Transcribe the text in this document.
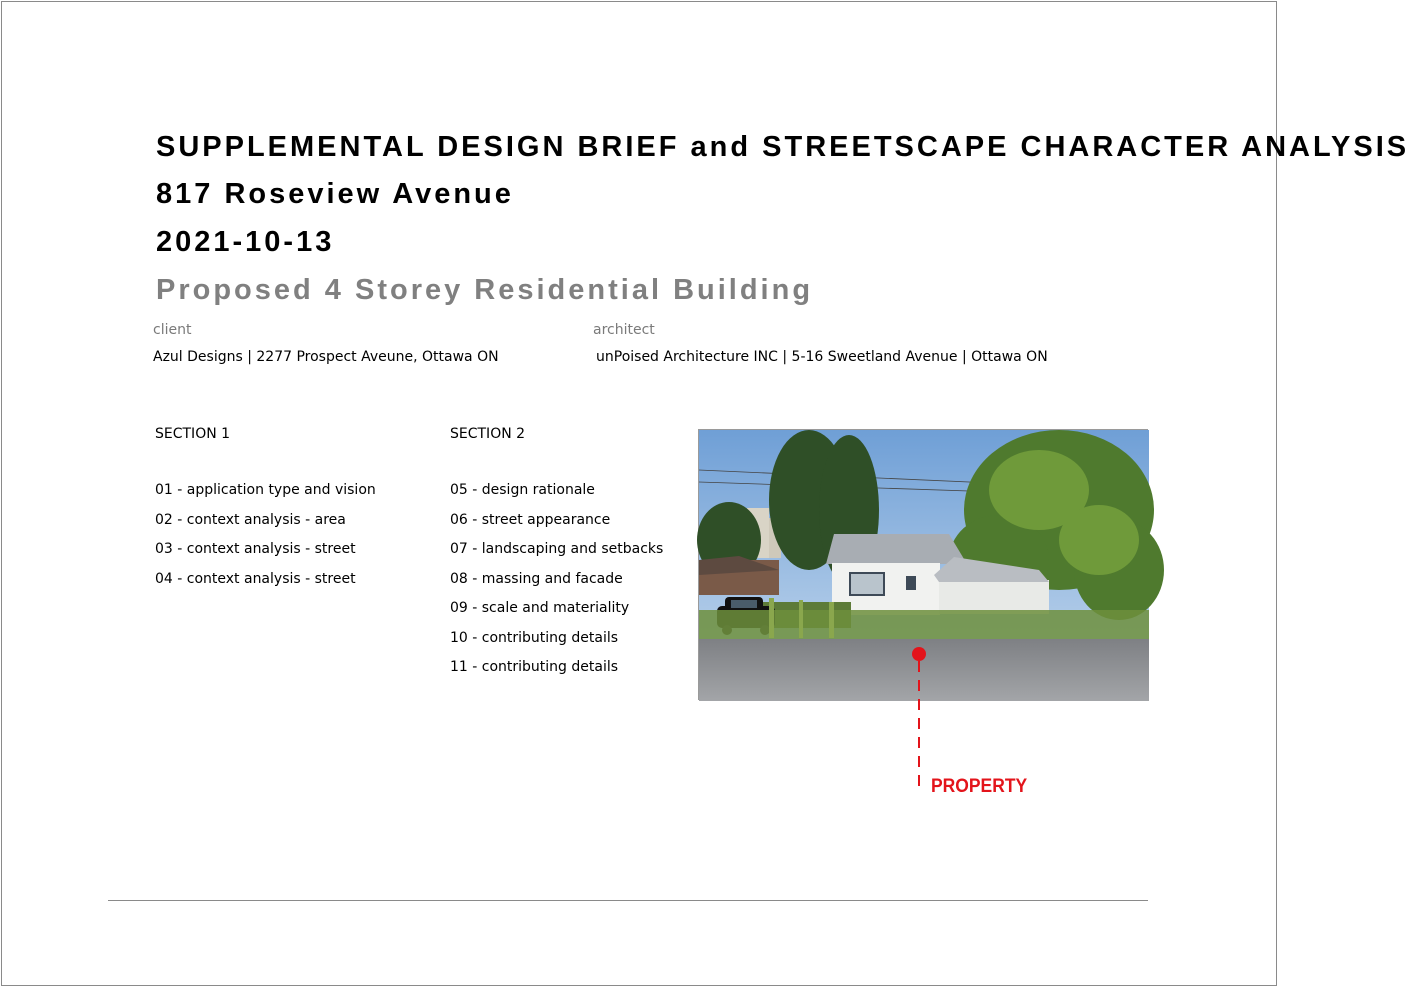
SUPPLEMENTAL DESIGN BRIEF and STREETSCAPE CHARACTER ANALYSIS
817 Roseview Avenue
2021-10-13
Proposed 4 Storey Residential Building
client
Azul Designs | 2277 Prospect Aveune, Ottawa ON
architect
unPoised Architecture INC | 5-16 Sweetland Avenue | Ottawa ON
SECTION 1
01 - application type and vision
02 - context analysis - area
03 - context analysis - street
04 - context analysis - street
SECTION 2
05 - design rationale
06 - street appearance
07 - landscaping and setbacks
08 - massing and facade
09 - scale and materiality
10 - contributing details
11 - contributing details
PROPERTY
